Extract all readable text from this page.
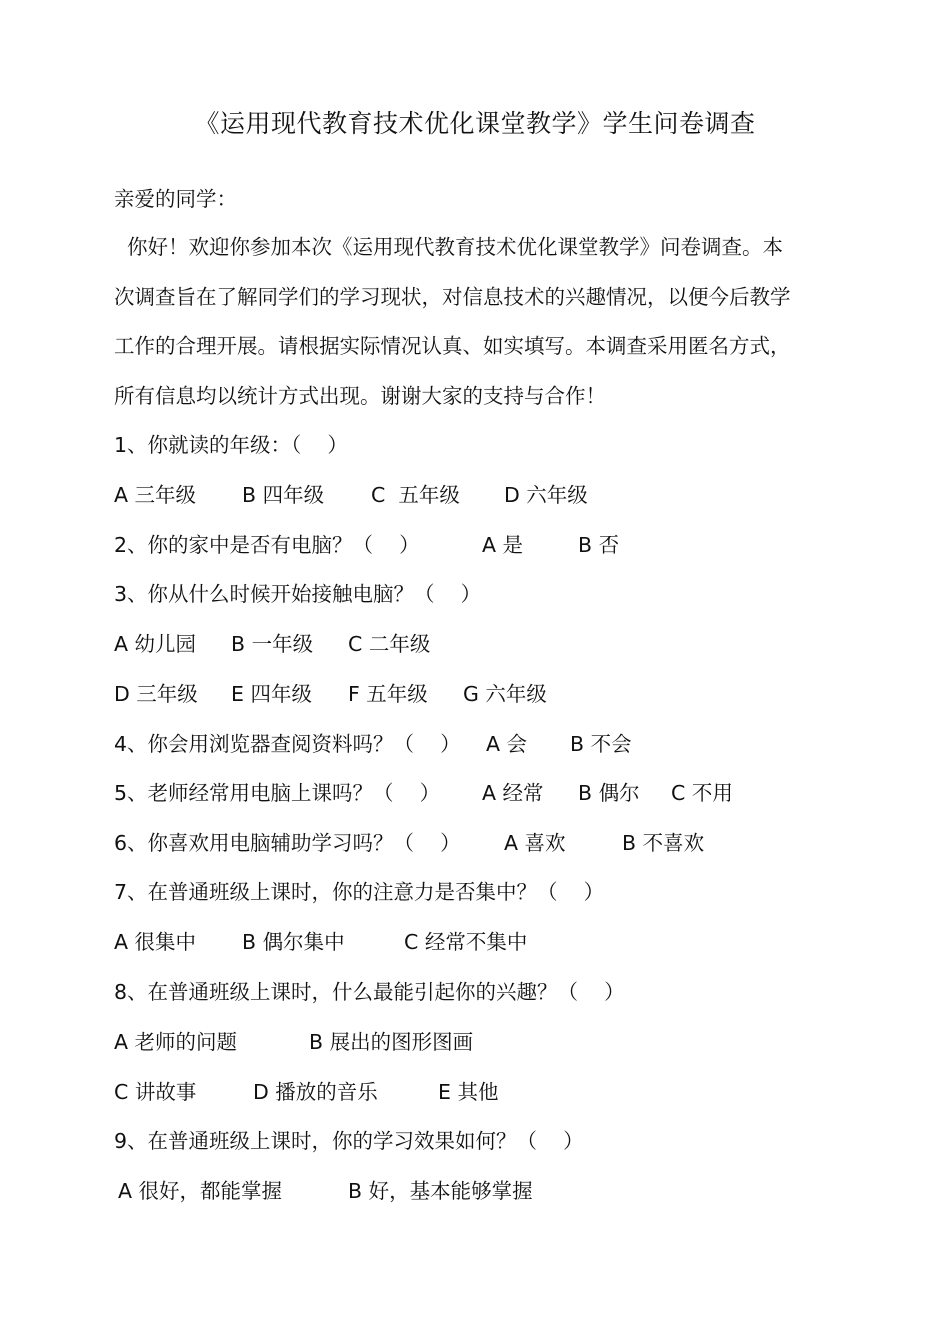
《运用现代教育技术优化课堂教学》学生问卷调查
亲爱的同学：
你好！欢迎你参加本次《运用现代教育技术优化课堂教学》问卷调查。本
次调查旨在了解同学们的学习现状，对信息技术的兴趣情况，以便今后教学
工作的合理开展。请根据实际情况认真、如实填写。本调查采用匿名方式，
所有信息均以统计方式出现。谢谢大家的支持与合作！
1、你就读的年级：（    ）
A 三年级 B 四年级 C  五年级 D 六年级
2、你的家中是否有电脑？（    ）	A 是	B 否
3、你从什么时候开始接触电脑？（    ）
A 幼儿园 B 一年级 C 二年级
D 三年级 E 四年级 F 五年级 G 六年级
4、你会用浏览器查阅资料吗？（    ） A 会 B 不会
5、老师经常用电脑上课吗？（    ） A 经常 B 偶尔 C 不用
6、你喜欢用电脑辅助学习吗？（    ） A 喜欢	B 不喜欢
7、在普通班级上课时，你的注意力是否集中？（    ）
A 很集中 B 偶尔集中	C 经常不集中
8、在普通班级上课时，什么最能引起你的兴趣？（    ）
A 老师的问题	B 展出的图形图画
C 讲故事	D 播放的音乐	E 其他
9、在普通班级上课时，你的学习效果如何？（    ）
A 很好，都能掌握	B 好，基本能够掌握
